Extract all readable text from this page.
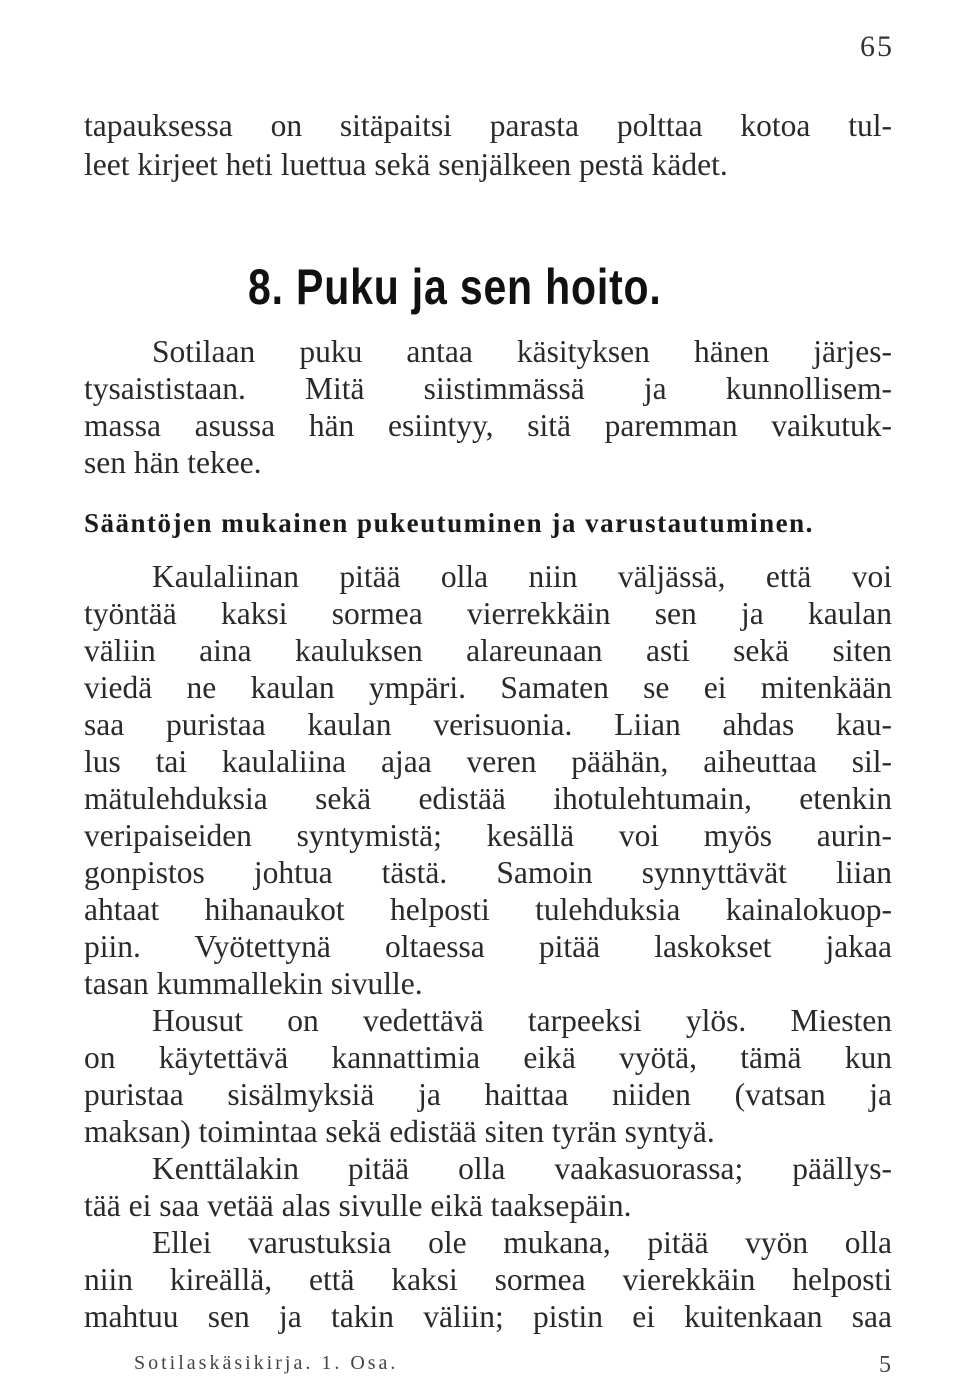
65
tapauksessa on sitäpaitsi parasta polttaa kotoa tul-
leet kirjeet heti luettua sekä senjälkeen pestä kädet.
8. Puku ja sen hoito.
Sotilaan puku antaa käsityksen hänen järjes-
tysaististaan. Mitä siistimmässä ja kunnollisem-
massa asussa hän esiintyy, sitä paremman vaikutuk-
sen hän tekee.
Sääntöjen mukainen pukeutuminen ja varustautuminen.
Kaulaliinan pitää olla niin väljässä, että voi
työntää kaksi sormea vierrekkäin sen ja kaulan
väliin aina kauluksen alareunaan asti sekä siten
viedä ne kaulan ympäri. Samaten se ei mitenkään
saa puristaa kaulan verisuonia. Liian ahdas kau-
lus tai kaulaliina ajaa veren päähän, aiheuttaa sil-
mätulehduksia sekä edistää ihotulehtumain, etenkin
veripaiseiden syntymistä; kesällä voi myös aurin-
gonpistos johtua tästä. Samoin synnyttävät liian
ahtaat hihanaukot helposti tulehduksia kainalokuop-
piin. Vyötettynä oltaessa pitää laskokset jakaa
tasan kummallekin sivulle.
Housut on vedettävä tarpeeksi ylös. Miesten
on käytettävä kannattimia eikä vyötä, tämä kun
puristaa sisälmyksiä ja haittaa niiden (vatsan ja
maksan) toimintaa sekä edistää siten tyrän syntyä.
Kenttälakin pitää olla vaakasuorassa; päällys-
tää ei saa vetää alas sivulle eikä taaksepäin.
Ellei varustuksia ole mukana, pitää vyön olla
niin kireällä, että kaksi sormea vierekkäin helposti
mahtuu sen ja takin väliin; pistin ei kuitenkaan saa
Sotilaskäsikirja. 1. Osa.	5
